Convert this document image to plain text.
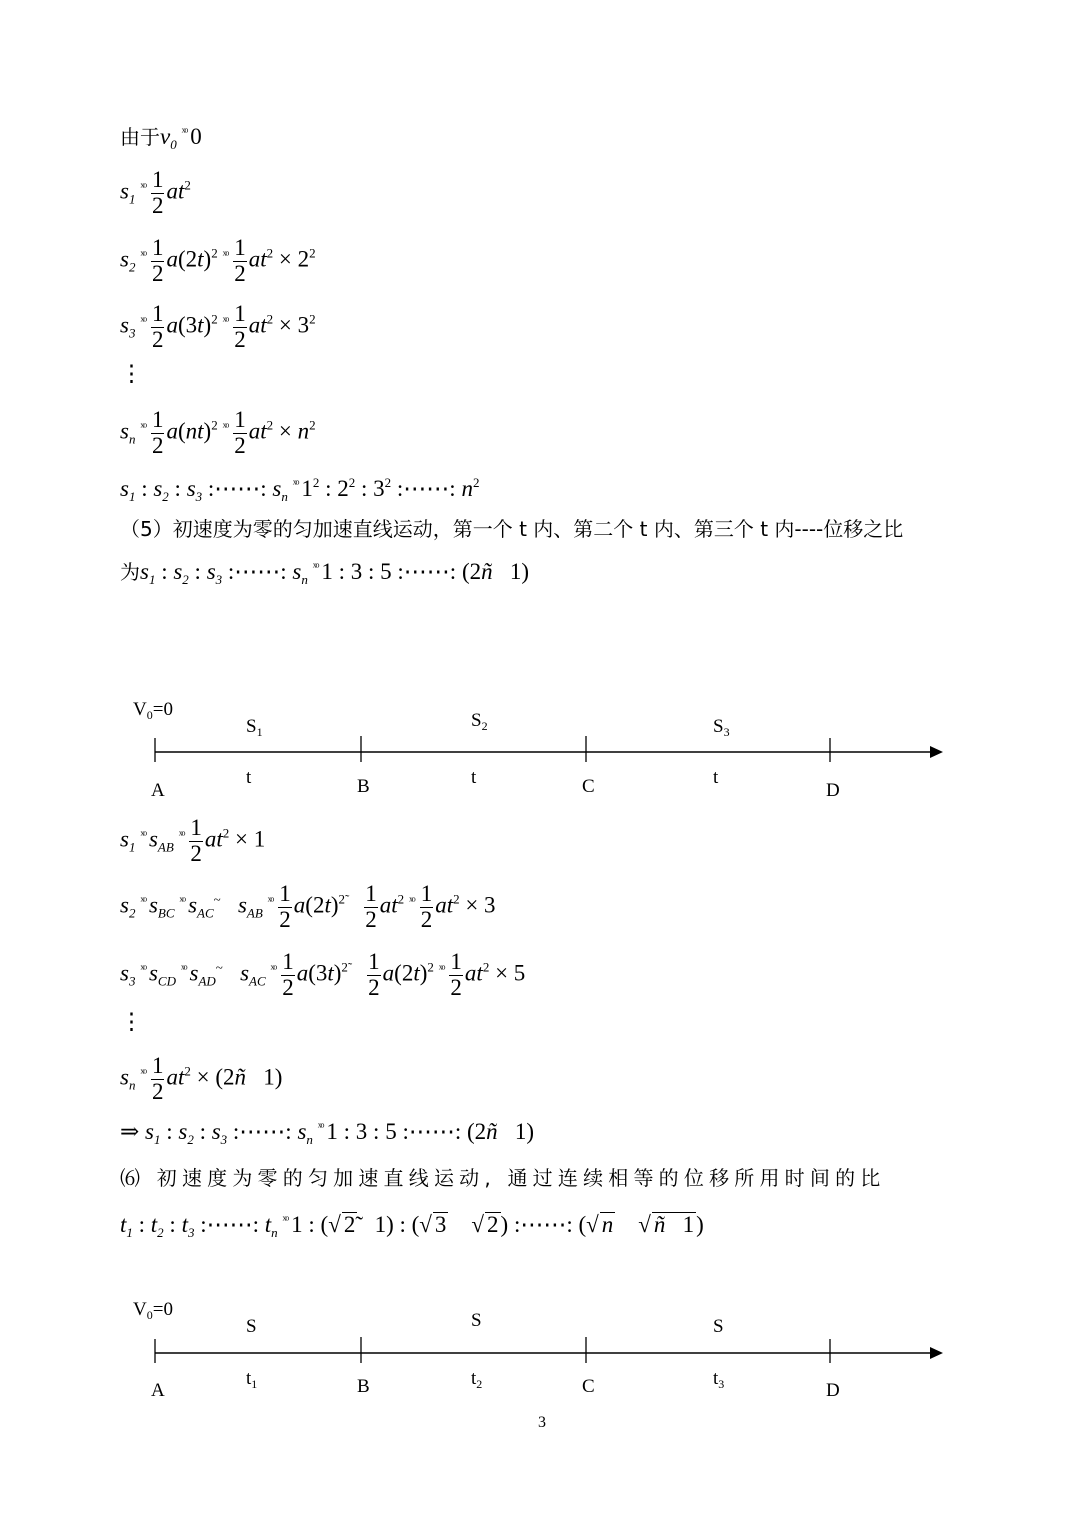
由于$v_0^{ˣᵒ}$ 0
$s_1^{ˣᵒ} \frac{1}{2} at^2$
$s_2^{ˣᵒ} \frac{1}{2} a(2t)^2$ $^{ˣᵒ} \frac{1}{2} at^2 \times 2^2$
$s_3^{ˣᵒ} \frac{1}{2} a(3t)^2$ $^{ˣᵒ} \frac{1}{2} at^2 \times 3^2$
⋮
$s_n^{ˣᵒ} \frac{1}{2} a(nt)^2$ $^{ˣᵒ} \frac{1}{2} at^2 \times n^2$
$s_1$ : $s_2$ : $s_3$ :⋯⋯: $s_n^{ˣᵒ}$ $1^2$ : $2^2$ : $3^2$ :⋯⋯: $n^2$
（5）初速度为零的匀加速直线运动，第一个 t 内、第二个 t 内、第三个 t 内----位移之比
为$s_1$ : $s_2$ : $s_3$ :⋯⋯: $s_n^{ˣᵒ}$ 1 : 3 : 5 :⋯⋯: (2ñ   1)
$V_0=0$
$S_1$
$S_2$	$S_3$
t	t	t
A	B	C	D
$s_1^{ˣᵒ}$ $s_{AB}^{ˣᵒ} \frac{1}{2} at^2 \times 1$
$s_2^{ˣᵒ}$ $s_{BC}^{ˣᵒ}$ $s_{AC}^\sim$ $s_{AB}^{ˣᵒ} \frac{1}{2} a(2t)^{2̃} \frac{1}{2} at^2$ $^{ˣᵒ} \frac{1}{2} at^2 \times 3$
$s_3^{ˣᵒ}$ $s_{CD}^{ˣᵒ}$ $s_{AD}^\sim$ $s_{AC}^{ˣᵒ} \frac{1}{2} a(3t)^{2̃} \frac{1}{2} a(2t)^2$ $^{ˣᵒ} \frac{1}{2} at^2 \times 5$
⋮
$s_n^{ˣᵒ} \frac{1}{2} at^2$ × (2ñ   1)
⇒ $s_1$ : $s_2$ : $s_3$ :⋯⋯: $s_n^{ˣᵒ}$ 1 : 3 : 5 :⋯⋯: (2ñ   1)
⑹ 初速度为零的匀加速直线运动, 通过连续相等的位移所用时间的比
$t_1$ : $t_2$ : $t_3$ :⋯⋯: $t_n^{ˣᵒ}$ 1 : (√ 2̃   1) : (√ 3    √ 2) :⋯⋯: (√ n    √ ñ   1)
$V_0=0$
S	S	S
$t_1$	$t_2$	$t_3$
A	B	C	D
3
